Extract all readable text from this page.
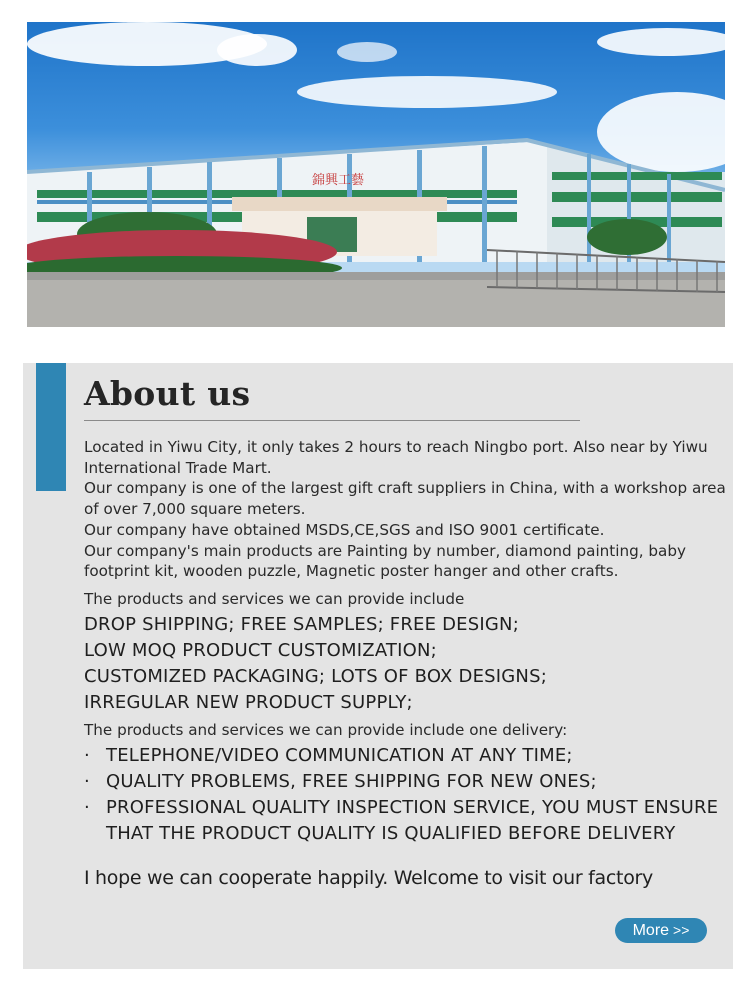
錦興工藝
About us

Located in Yiwu City, it only takes 2 hours to reach Ningbo port. Also near by Yiwu International Trade Mart.

Our company is one of the largest gift craft suppliers in China, with a workshop area of over 7,000 square meters.

Our company have obtained MSDS,CE,SGS and ISO 9001 certificate.

Our company's main products are Painting by number, diamond painting, baby footprint kit, wooden puzzle, Magnetic poster hanger and other crafts.

The products and services we can provide include
DROP SHIPPING; FREE SAMPLES; FREE DESIGN;
LOW MOQ PRODUCT CUSTOMIZATION;
CUSTOMIZED PACKAGING; LOTS OF BOX DESIGNS;
IRREGULAR NEW PRODUCT SUPPLY;
The products and services we can provide include one delivery:
· TELEPHONE/VIDEO COMMUNICATION AT ANY TIME;
· QUALITY PROBLEMS, FREE SHIPPING FOR NEW ONES;
· PROFESSIONAL QUALITY INSPECTION SERVICE, YOU MUST ENSURE THAT THE PRODUCT QUALITY IS QUALIFIED BEFORE DELIVERY
I hope we can cooperate happily. Welcome to visit our factory
More >>
